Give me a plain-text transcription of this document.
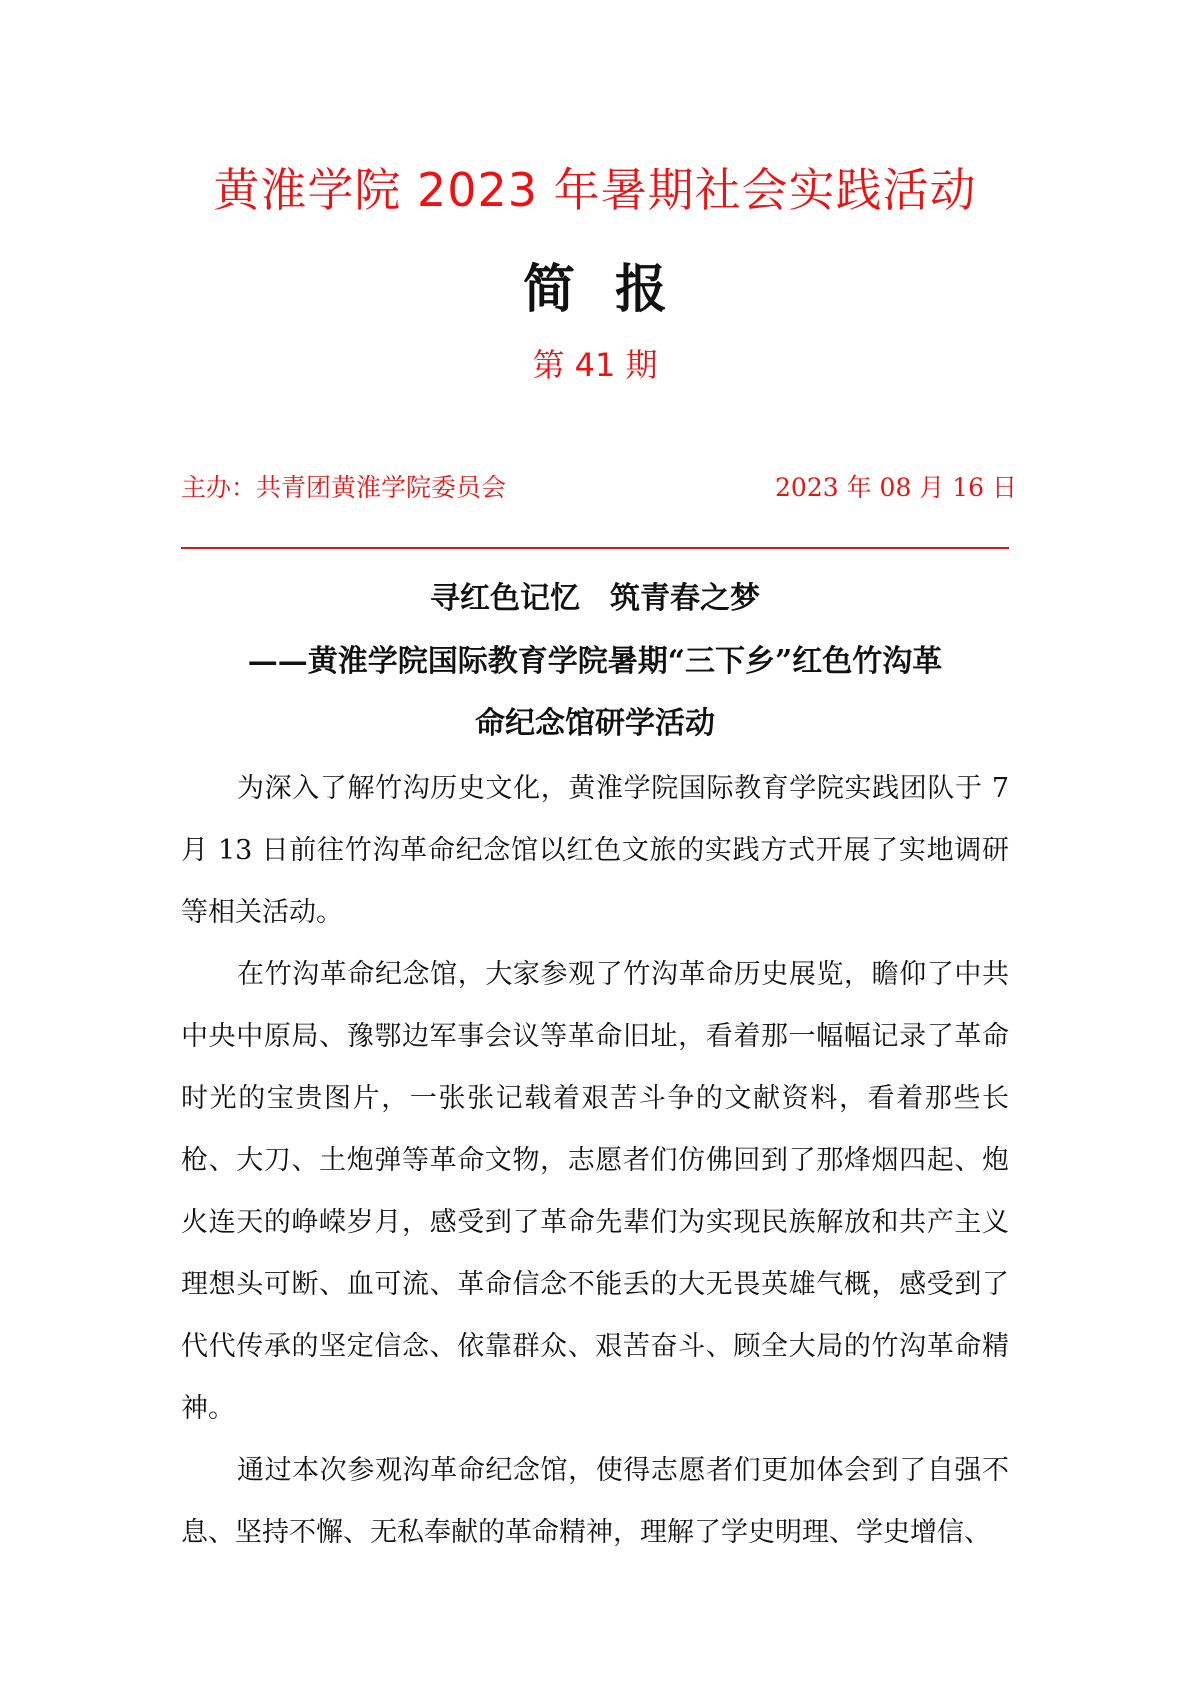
黄淮学院 2023 年暑期社会实践活动
简报
第 41 期
主办：共青团黄淮学院委员会	2023 年 08 月 16 日
寻红色记忆　筑青春之梦
——黄淮学院国际教育学院暑期“三下乡”红色竹沟革
命纪念馆研学活动

为深入了解竹沟历史文化，黄淮学院国际教育学院实践团队于 7 月 13 日前往竹沟革命纪念馆以红色文旅的实践方式开展了实地调研等相关活动。

在竹沟革命纪念馆，大家参观了竹沟革命历史展览，瞻仰了中共中央中原局、豫鄂边军事会议等革命旧址，看着那一幅幅记录了革命时光的宝贵图片，一张张记载着艰苦斗争的文献资料，看着那些长枪、大刀、土炮弹等革命文物，志愿者们仿佛回到了那烽烟四起、炮火连天的峥嵘岁月，感受到了革命先辈们为实现民族解放和共产主义理想头可断、血可流、革命信念不能丢的大无畏英雄气概，感受到了代代传承的坚定信念、依靠群众、艰苦奋斗、顾全大局的竹沟革命精神。

通过本次参观沟革命纪念馆，使得志愿者们更加体会到了自强不息、坚持不懈、无私奉献的革命精神，理解了学史明理、学史增信、
